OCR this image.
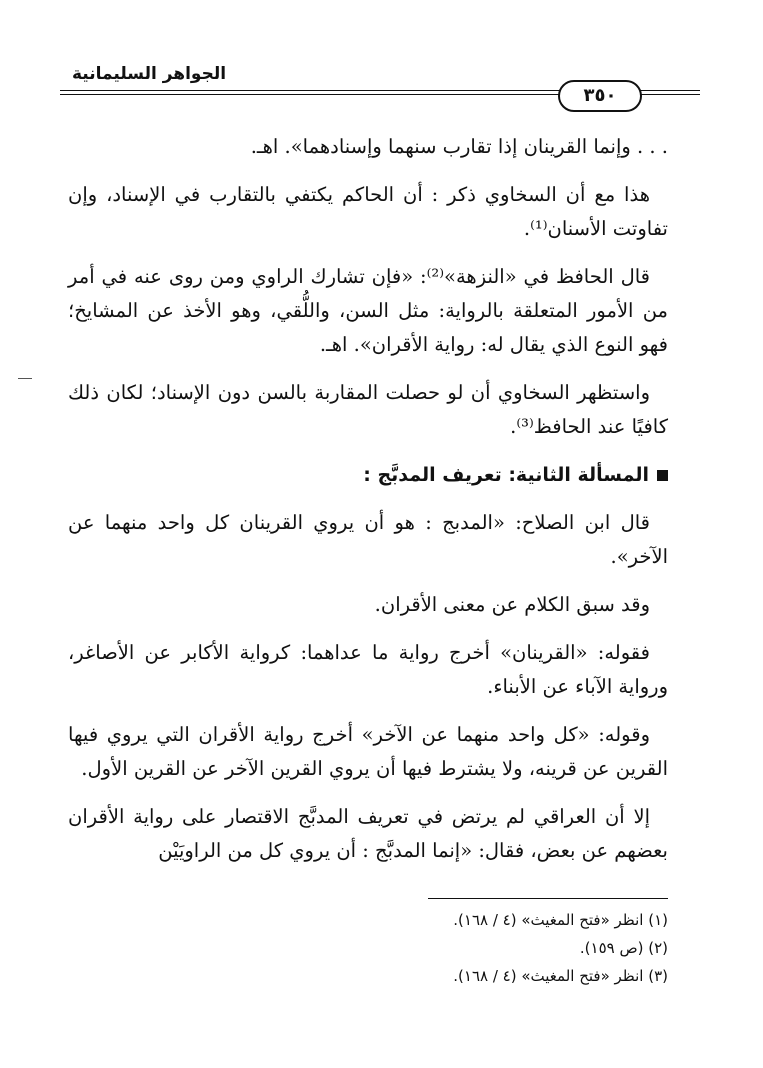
الجواهر السليمانية
٣٥٠

. . . وإنما القرينان إذا تقارب سنهما وإسنادهما». اهـ.

هذا مع أن السخاوي ذكر : أن الحاكم يكتفي بالتقارب في الإسناد، وإن تفاوتت الأسنان⁽¹⁾.

قال الحافظ في «النزهة»⁽²⁾: «فإن تشارك الراوي ومن روى عنه في أمر من الأمور المتعلقة بالرواية: مثل السن، واللُّقي، وهو الأخذ عن المشايخ؛ فهو النوع الذي يقال له: رواية الأقران». اهـ.

واستظهر السخاوي أن لو حصلت المقاربة بالسن دون الإسناد؛ لكان ذلك كافيًا عند الحافظ⁽³⁾.

المسألة الثانية: تعريف المدبَّج :

قال ابن الصلاح: «المدبج : هو أن يروي القرينان كل واحد منهما عن الآخر».

وقد سبق الكلام عن معنى الأقران.

فقوله: «القرينان» أخرج رواية ما عداهما: كرواية الأكابر عن الأصاغر، ورواية الآباء عن الأبناء.

وقوله: «كل واحد منهما عن الآخر» أخرج رواية الأقران التي يروي فيها القرين عن قرينه، ولا يشترط فيها أن يروي القرين الآخر عن القرين الأول.

إلا أن العراقي لم يرتض في تعريف المدبَّج الاقتصار على رواية الأقران بعضهم عن بعض، فقال: «إنما المدبَّج : أن يروي كل من الراويَيْن

(١) انظر «فتح المغيث» (٤ / ١٦٨).
(٢) (ص ١٥٩).
(٣) انظر «فتح المغيث» (٤ / ١٦٨).
